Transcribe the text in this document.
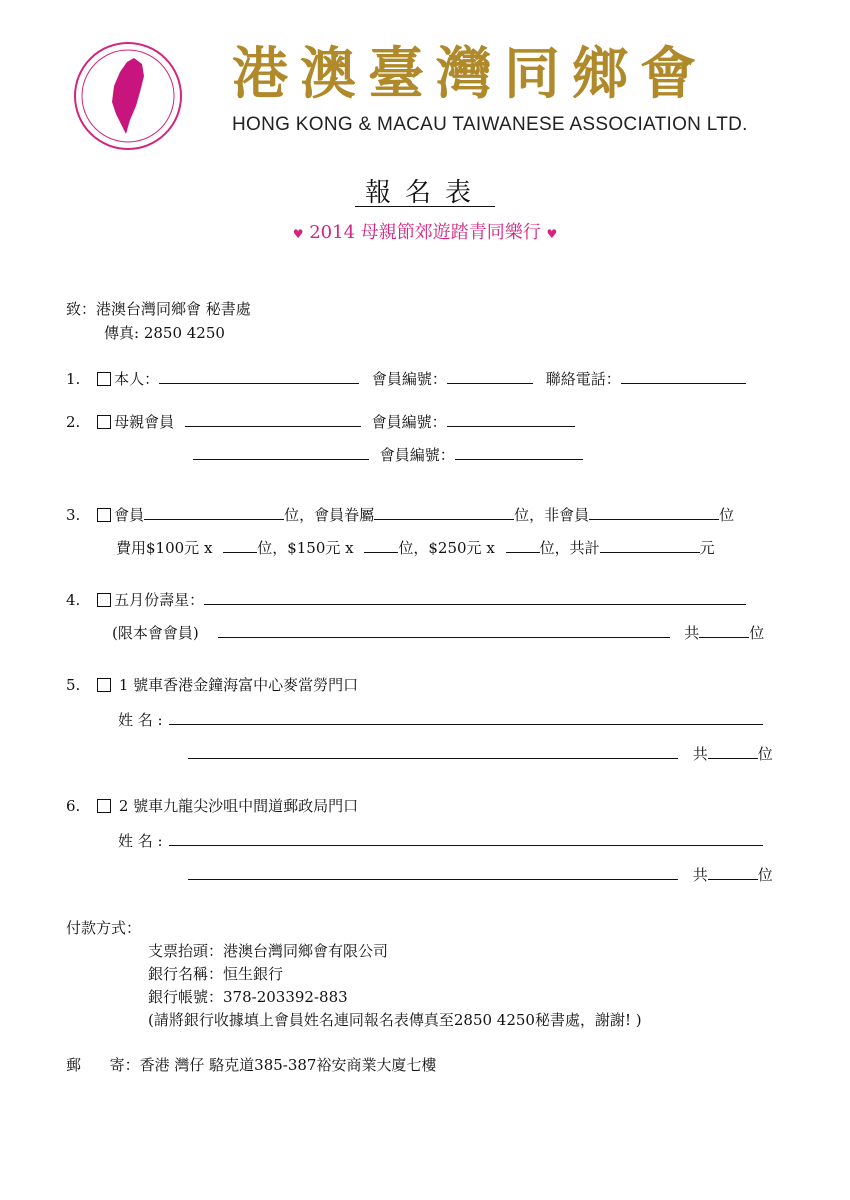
港澳臺灣同鄉會
HONG KONG & MACAU TAIWANESE ASSOCIATION LTD.
報名表
♥ 2014 母親節郊遊踏青同樂行 ♥
致：港澳台灣同鄉會 秘書處
傳真: 2850 4250
1. 本人：	會員編號：	聯絡電話：
2. 母親會員	會員編號：
會員編號：
3. 會員	位，會員眷屬	位，非會員	位
費用$100元 x	位，$150元 x	位，$250元 x	位，共計	元
4. 五月份壽星：
(限本會會員)	共	位
5.  1 號車香港金鐘海富中心麥當勞門口
姓 名 :
共	位
6.  2 號車九龍尖沙咀中間道郵政局門口
姓 名 :
共	位
付款方式：
支票抬頭：港澳台灣同鄉會有限公司
銀行名稱：恒生銀行
銀行帳號：378-203392-883
(請將銀行收據填上會員姓名連同報名表傳真至2850 4250秘書處，謝謝! )
郵      寄：香港 灣仔 駱克道385-387裕安商業大廈七樓
